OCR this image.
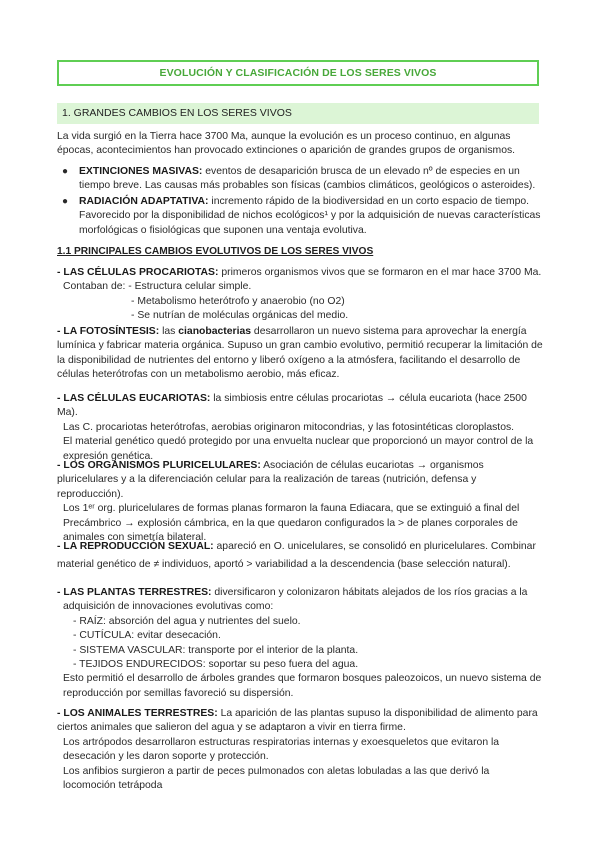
EVOLUCIÓN Y CLASIFICACIÓN DE LOS SERES VIVOS
1. GRANDES CAMBIOS EN LOS SERES VIVOS

La vida surgió en la Tierra hace 3700 Ma, aunque la evolución es un proceso continuo, en algunas épocas, acontecimientos han provocado extinciones o aparición de grandes grupos de organismos.

● EXTINCIONES MASIVAS: eventos de desaparición brusca de un elevado nº de especies en un tiempo breve. Las causas más probables son físicas (cambios climáticos, geológicos o asteroides).
● RADIACIÓN ADAPTATIVA: incremento rápido de la biodiversidad en un corto espacio de tiempo. Favorecido por la disponibilidad de nichos ecológicos¹ y por la adquisición de nuevas características morfológicas o fisiológicas que suponen una ventaja evolutiva.
1.1 PRINCIPALES CAMBIOS EVOLUTIVOS DE LOS SERES VIVOS

- LAS CÉLULAS PROCARIOTAS: primeros organismos vivos que se formaron en el mar hace 3700 Ma.

Contaban de: - Estructura celular simple.

- Metabolismo heterótrofo y anaerobio (no O2)

- Se nutrían de moléculas orgánicas del medio.

- LA FOTOSÍNTESIS: las cianobacterias desarrollaron un nuevo sistema para aprovechar la energía lumínica y fabricar materia orgánica. Supuso un gran cambio evolutivo, permitió recuperar la limitación de la disponibilidad de nutrientes del entorno y liberó oxígeno a la atmósfera, facilitando el desarrollo de células heterótrofas con un metabolismo aerobio, más eficaz.

- LAS CÉLULAS EUCARIOTAS: la simbiosis entre células procariotas → célula eucariota (hace 2500 Ma).

Las C. procariotas heterótrofas, aerobias originaron mitocondrias, y las fotosintéticas cloroplastos.

El material genético quedó protegido por una envuelta nuclear que proporcionó un mayor control de la expresión genética.

- LOS ORGANISMOS PLURICELULARES: Asociación de células eucariotas → organismos pluricelulares y a la diferenciación celular para la realización de tareas (nutrición, defensa y reproducción).

Los 1ᵉʳ org. pluricelulares de formas planas formaron la fauna Ediacara, que se extinguió a final del Precámbrico → explosión cámbrica, en la que quedaron configurados la > de planes corporales de animales con simetría bilateral.

- LA REPRODUCCIÓN SEXUAL: apareció en O. unicelulares, se consolidó en pluricelulares. Combinar

material genético de ≠ individuos, aportó > variabilidad a la descendencia (base selección natural).

- LAS PLANTAS TERRESTRES: diversificaron y colonizaron hábitats alejados de los ríos gracias a la

adquisición de innovaciones evolutivas como:

- RAÍZ: absorción del agua y nutrientes del suelo.

- CUTÍCULA: evitar desecación.

- SISTEMA VASCULAR: transporte por el interior de la planta.

- TEJIDOS ENDURECIDOS: soportar su peso fuera del agua.

Esto permitió el desarrollo de árboles grandes que formaron bosques paleozoicos, un nuevo sistema de reproducción por semillas favoreció su dispersión.

- LOS ANIMALES TERRESTRES: La aparición de las plantas supuso la disponibilidad de alimento para ciertos animales que salieron del agua y se adaptaron a vivir en tierra firme.

Los artrópodos desarrollaron estructuras respiratorias internas y exoesqueletos que evitaron la desecación y les daron soporte y protección.

Los anfibios surgieron a partir de peces pulmonados con aletas lobuladas a las que derivó la locomoción tetrápoda
